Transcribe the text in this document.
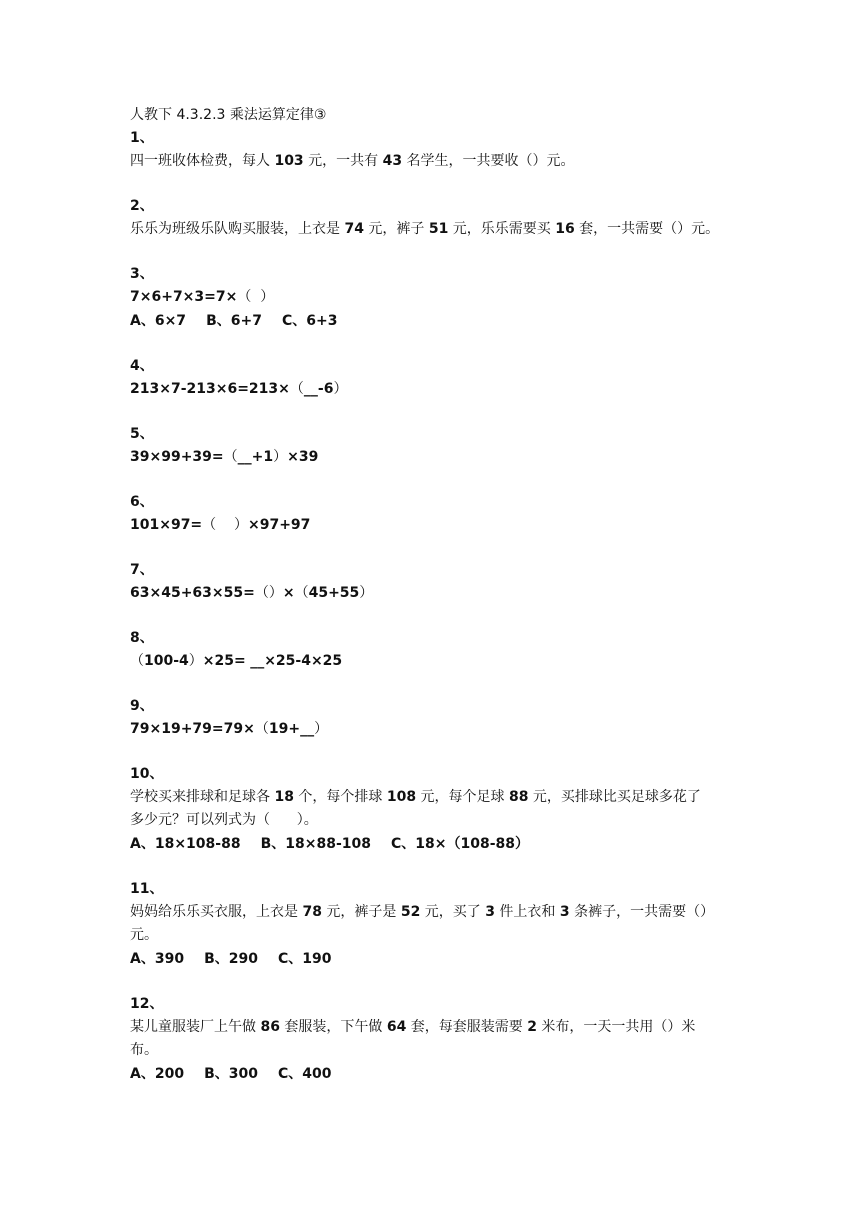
人教下 4.3.2.3 乘法运算定律③
1、
四一班收体检费，每人 103 元，一共有 43 名学生，一共要收（）元。
2、
乐乐为班级乐队购买服装，上衣是 74 元，裤子 51 元，乐乐需要买 16 套，一共需要（）元。
3、
7×6+7×3=7×（  ）
A、6×7 B、6+7 C、6+3
4、
213×7-213×6=213×（__-6）
5、
39×99+39=（__+1）×39
6、
101×97=（    ）×97+97
7、
63×45+63×55=（）×（45+55）
8、
（100-4）×25= __×25-4×25
9、
79×19+79=79×（19+__）
10、
学校买来排球和足球各 18 个，每个排球 108 元，每个足球 88 元，买排球比买足球多花了
多少元？可以列式为（      ）。
A、18×108-88 B、18×88-108 C、18×（108-88）
11、
妈妈给乐乐买衣服，上衣是 78 元，裤子是 52 元，买了 3 件上衣和 3 条裤子，一共需要（）
元。
A、390 B、290 C、190
12、
某儿童服装厂上午做 86 套服装，下午做 64 套，每套服装需要 2 米布，一天一共用（）米
布。
A、200 B、300 C、400
